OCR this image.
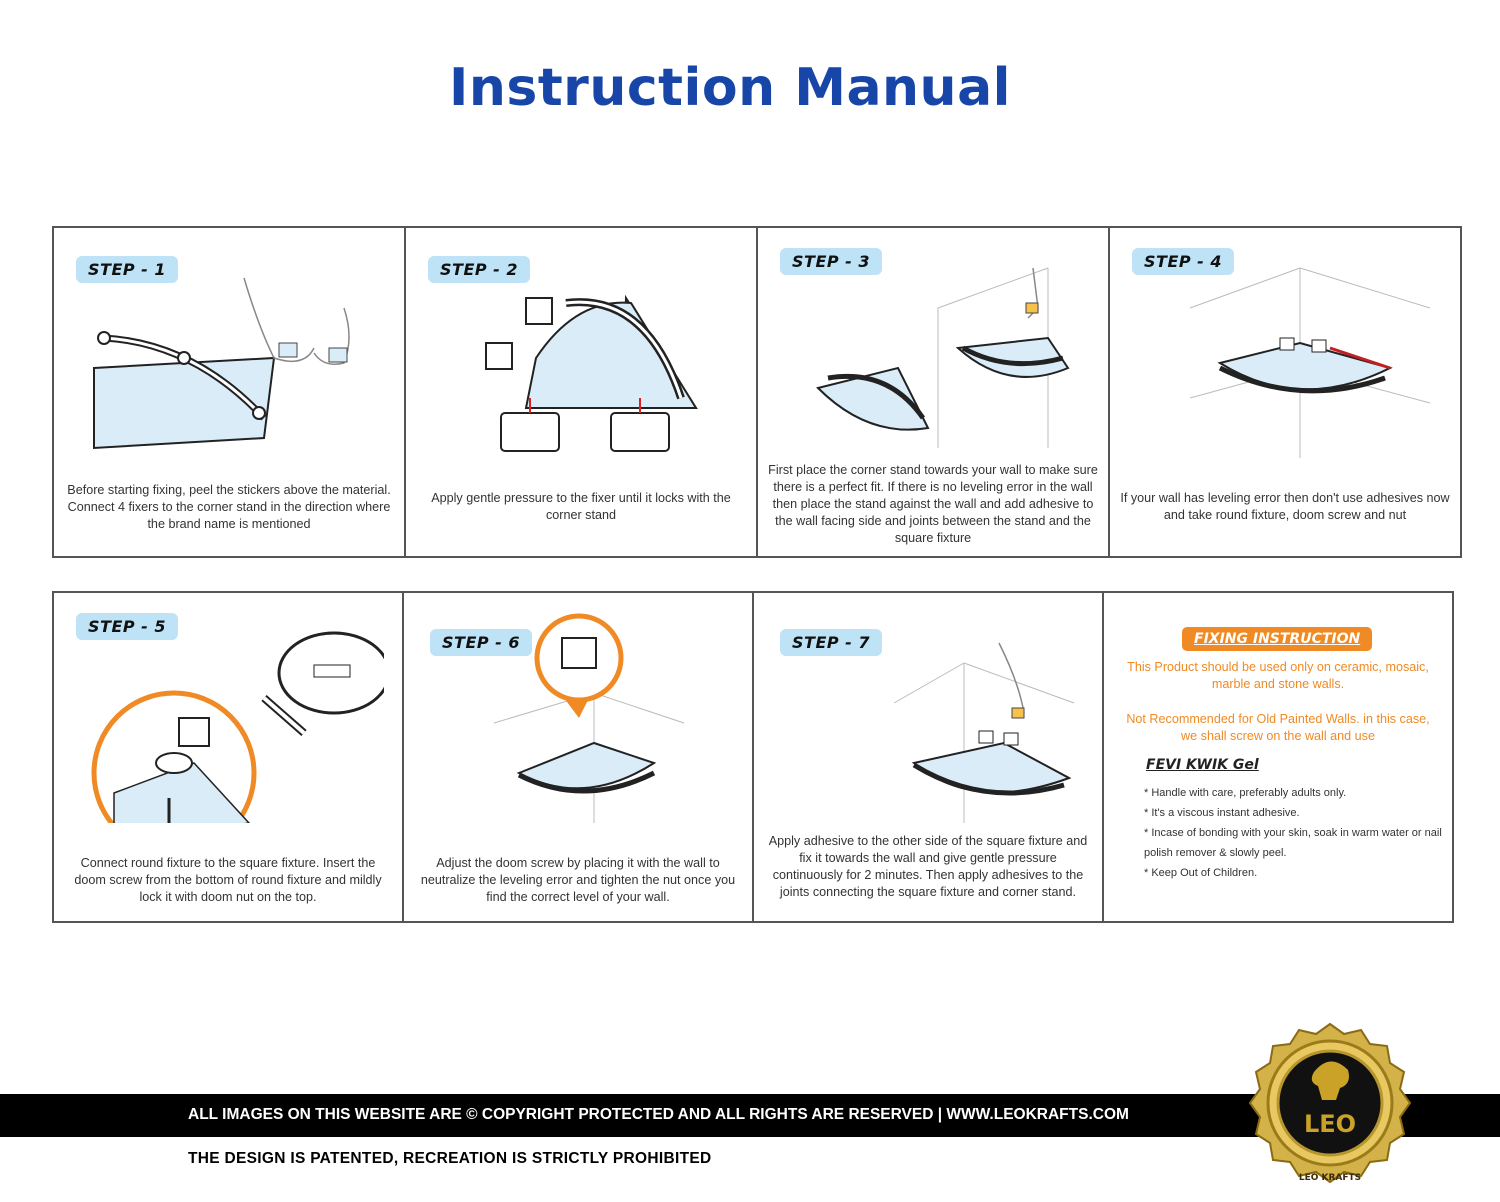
Instruction Manual
STEP - 1
Before starting fixing, peel the stickers above the material. Connect 4 fixers to the corner stand in the direction where the brand name is mentioned
STEP - 2
Apply gentle pressure to the fixer until it locks with the corner stand
STEP - 3
First place the corner stand towards your wall to make sure there is a perfect fit. If there is no leveling error in the wall then place the stand against the wall and add adhesive to the wall facing side and joints between the stand and the square fixture
STEP - 4
If your wall has leveling error then don't use adhesives now and take round fixture, doom screw and nut
STEP - 5
Connect round fixture to the square fixture. Insert the doom screw from the bottom of round fixture and mildly lock it with doom nut on the top.
STEP - 6
Adjust the doom screw by placing it with the wall to neutralize the leveling error and tighten the nut once you find the correct level of your wall.
STEP - 7
Apply adhesive to the other side of the square fixture and fix it towards the wall and give gentle pressure continuously for 2 minutes. Then apply adhesives to the joints connecting the square fixture and corner stand.
FIXING INSTRUCTION
This Product should be used only on ceramic, mosaic, marble and stone walls.
Not Recommended for Old Painted Walls. in this case, we shall screw on the wall and use
FEVI KWIK Gel
* Handle with care, preferably adults only.
* It's a viscous instant adhesive.
* Incase of bonding with your skin, soak in warm water or nail polish remover & slowly peel.
* Keep Out of Children.
ALL IMAGES ON THIS WEBSITE ARE © COPYRIGHT PROTECTED AND ALL RIGHTS ARE RESERVED | WWW.LEOKRAFTS.COM
THE DESIGN IS PATENTED, RECREATION IS STRICTLY PROHIBITED
LEO
LEO KRAFTS
